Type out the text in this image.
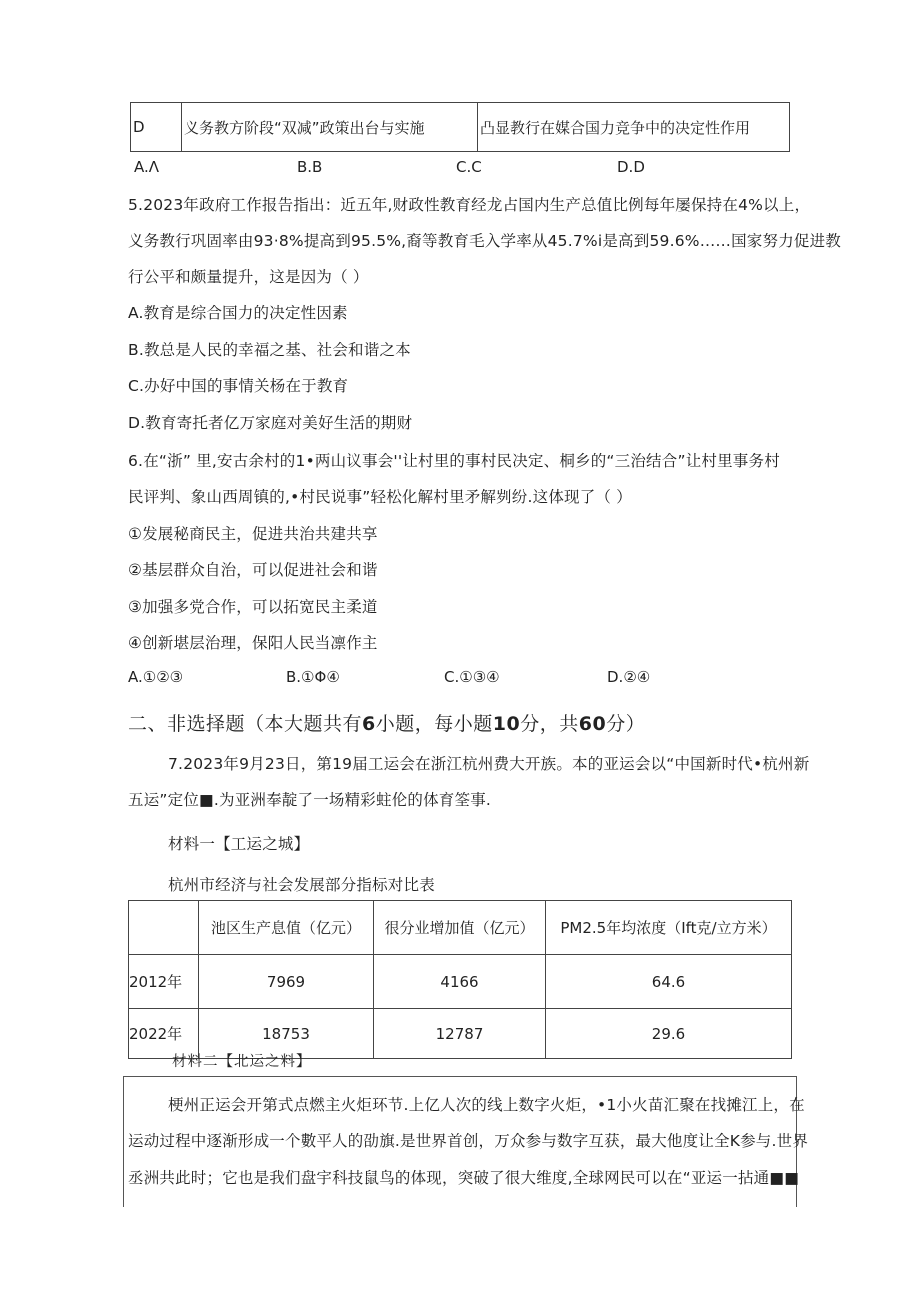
D	义务教方阶段“双减”政策出台与实施	凸显教行在媒合国力竞争中的决定性作用
A.Λ	B.B	C.C	D.D
5.2023年政府工作报告指出：近五年,财政性教育经龙占国内生产总值比例每年屡保持在4%以上，
义务教行巩固率由93·8%提高到95.5%,裔等教育毛入学率从45.7%i是高到59.6%……国家努力促进教
行公平和颇量提升，这是因为（ ）
A.教育是综合国力的决定性因素
B.教总是人民的幸福之基、社会和谐之本
C.办好中国的事情关杨在于教育
D.教育寄托者亿万家庭对美好生活的期财
6.在“浙” 里,安古余村的1•两山议事会''让村里的事村民决定、桐乡的“三治结合”让村里事务村
民评判、象山西周镇的,•村民说事”轻松化解村里矛解刿纷.这体现了（ ）
①发展秘商民主，促进共治共建共享
②基层群众自治，可以促进社会和谐
③加强多党合作，可以拓宽民主柔道
④创新堪层治理，保阳人民当凛作主
A.①②③	B.①Φ④	C.①③④	D.②④
二、非选择题（本大题共有6小题，每小题10分，共60分）
7.2023年9月23日，第19届工运会在浙江杭州费大开族。本的亚运会以“中国新时代•杭州新
五运”定位■.为亚洲奉靛了一场精彩蛀伦的体育筌事.
材料一【工运之城】
杭州市经济与社会发展部分指标对比表
	池区生产息值（亿元）	很分业增加值（亿元）	PM2.5年均浓度（Ift克/立方米）
2012年	7969	4166	64.6
2022年	18753	12787	29.6
材料二【北运之料】
梗州正运会开第式点燃主火炬环节.上亿人次的线上数字火炬，•1小火苗汇聚在找摊江上，在
运动过程中逐渐形成一个數平人的劭旗.是世界首创，万众参与数字互获，最大他度让全K参与.世界
丞洲共此时；它也是我们盘宇科技鼠鸟的体现，突破了很大维度,全球网民可以在“亚运一拈通■■
